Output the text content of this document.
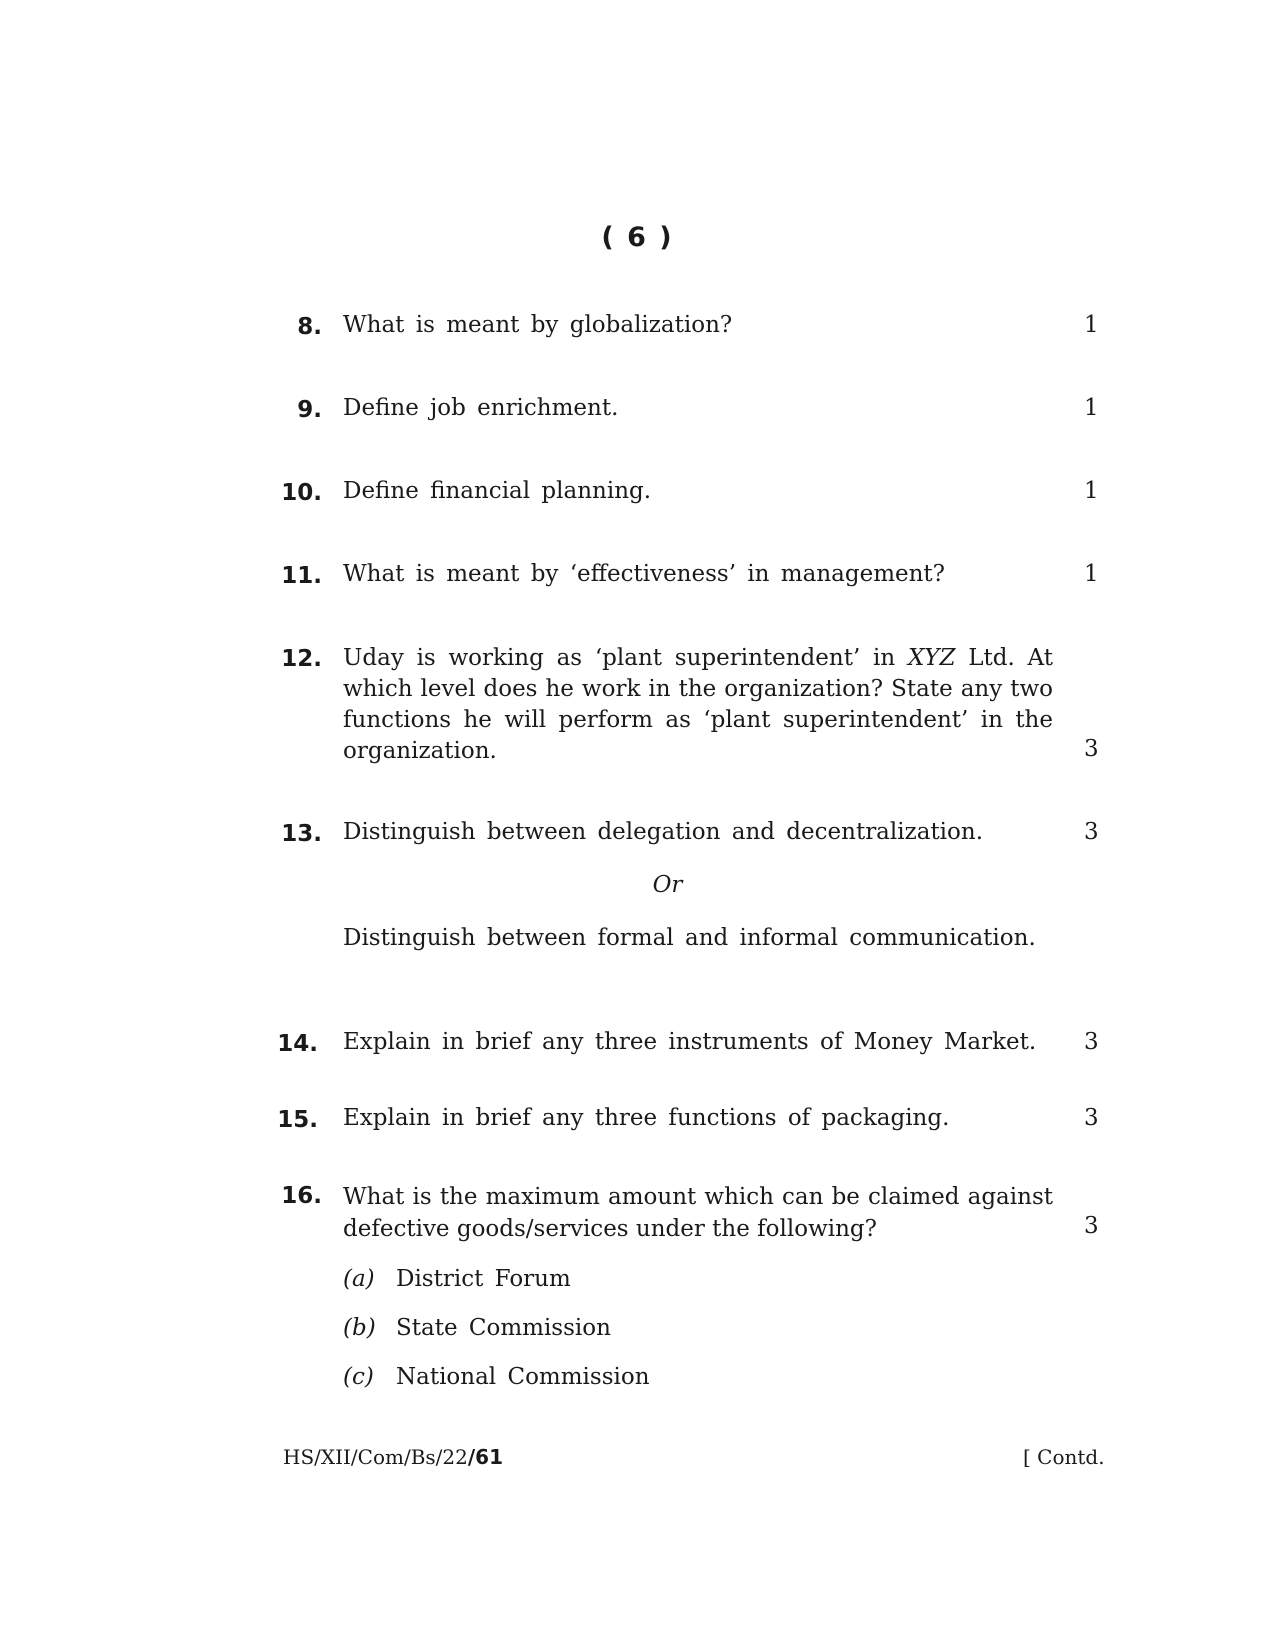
( 6 )
8. What is meant by globalization?	1
9. Define job enrichment.	1
10. Define financial planning.	1
11. What is meant by ‘effectiveness’ in management?	1
12. Uday is working as ‘plant superintendent’ in XYZ Ltd. At which level does he work in the organization? State any two functions he will perform as ‘plant superintendent’ in the organization.	3
13. Distinguish between delegation and decentralization.	3
Or
Distinguish between formal and informal communication.
14. Explain in brief any three instruments of Money Market. 3
15. Explain in brief any three functions of packaging.	3
16. What is the maximum amount which can be claimed against defective goods/services under the following?	3
(a) District Forum
(b) State Commission
(c) National Commission
HS/XII/Com/Bs/22/61	[ Contd.
